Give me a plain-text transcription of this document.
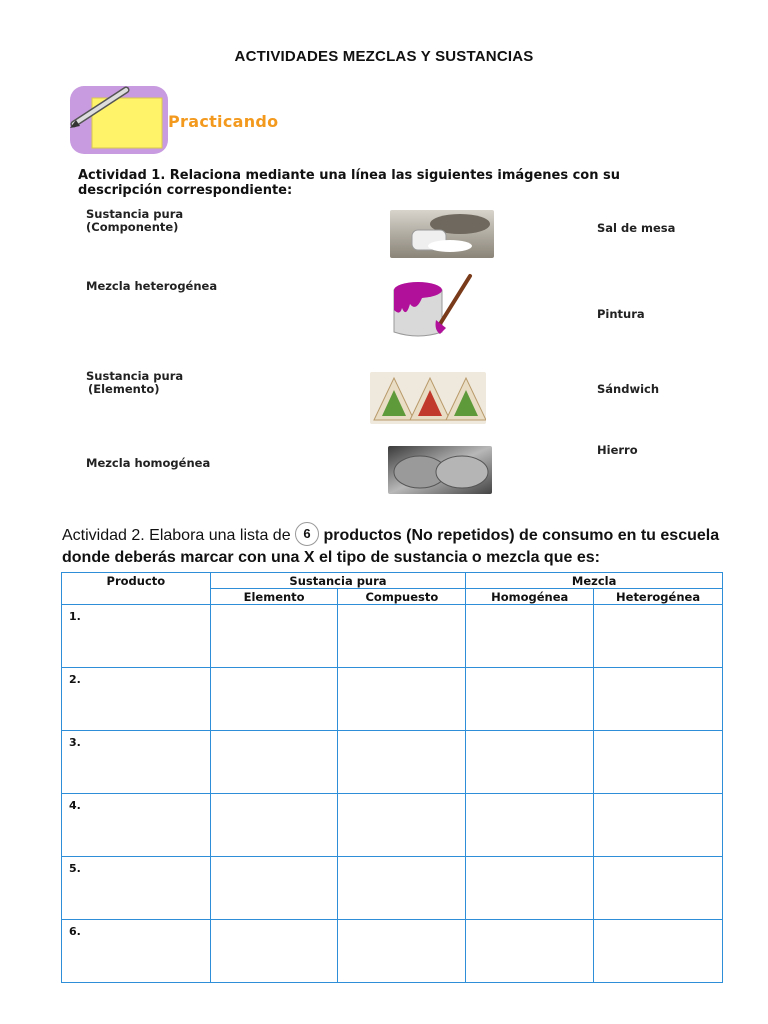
ACTIVIDADES MEZCLAS Y SUSTANCIAS
Practicando
Actividad 1. Relaciona mediante una línea las siguientes imágenes con su descripción correspondiente:
Sustancia pura
(Componente)
Mezcla heterogénea
Sustancia pura
(Elemento)
Mezcla homogénea
Sal de mesa
Pintura
Sándwich
Hierro
Actividad 2. Elabora una lista de 6 productos (No repetidos) de consumo en tu escuela donde deberás marcar con una X el tipo de sustancia o mezcla que es:
Producto	Sustancia pura		Mezcla	
	Elemento	Compuesto	Homogénea	Heterogénea
1.				
2.				
3.				
4.				
5.				
6.				
